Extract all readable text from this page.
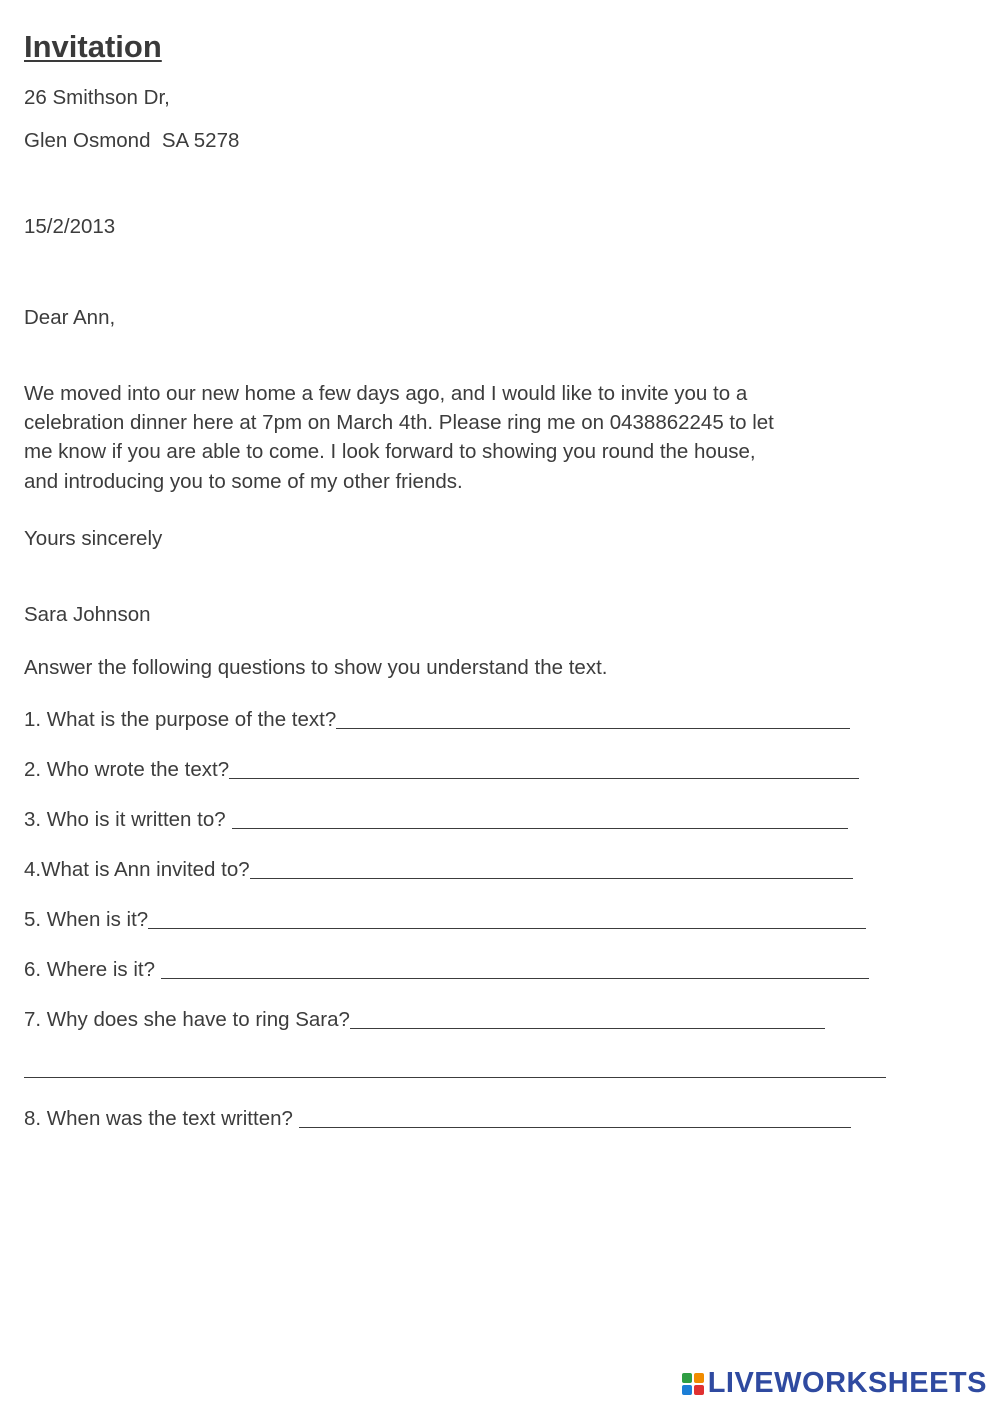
Invitation
26 Smithson Dr,
Glen Osmond  SA 5278
15/2/2013
Dear Ann,
We moved into our new home a few days ago, and I would like to invite you to a
celebration dinner here at 7pm on March 4th. Please ring me on 0438862245 to let
me know if you are able to come. I look forward to showing you round the house,
and introducing you to some of my other friends.
Yours sincerely
Sara Johnson
Answer the following questions to show you understand the text.
1. What is the purpose of the text?
2. Who wrote the text?
3. Who is it written to?
4.What is Ann invited to?
5. When is it?
6. Where is it?
7. Why does she have to ring Sara?
8. When was the text written?
LIVEWORKSHEETS
